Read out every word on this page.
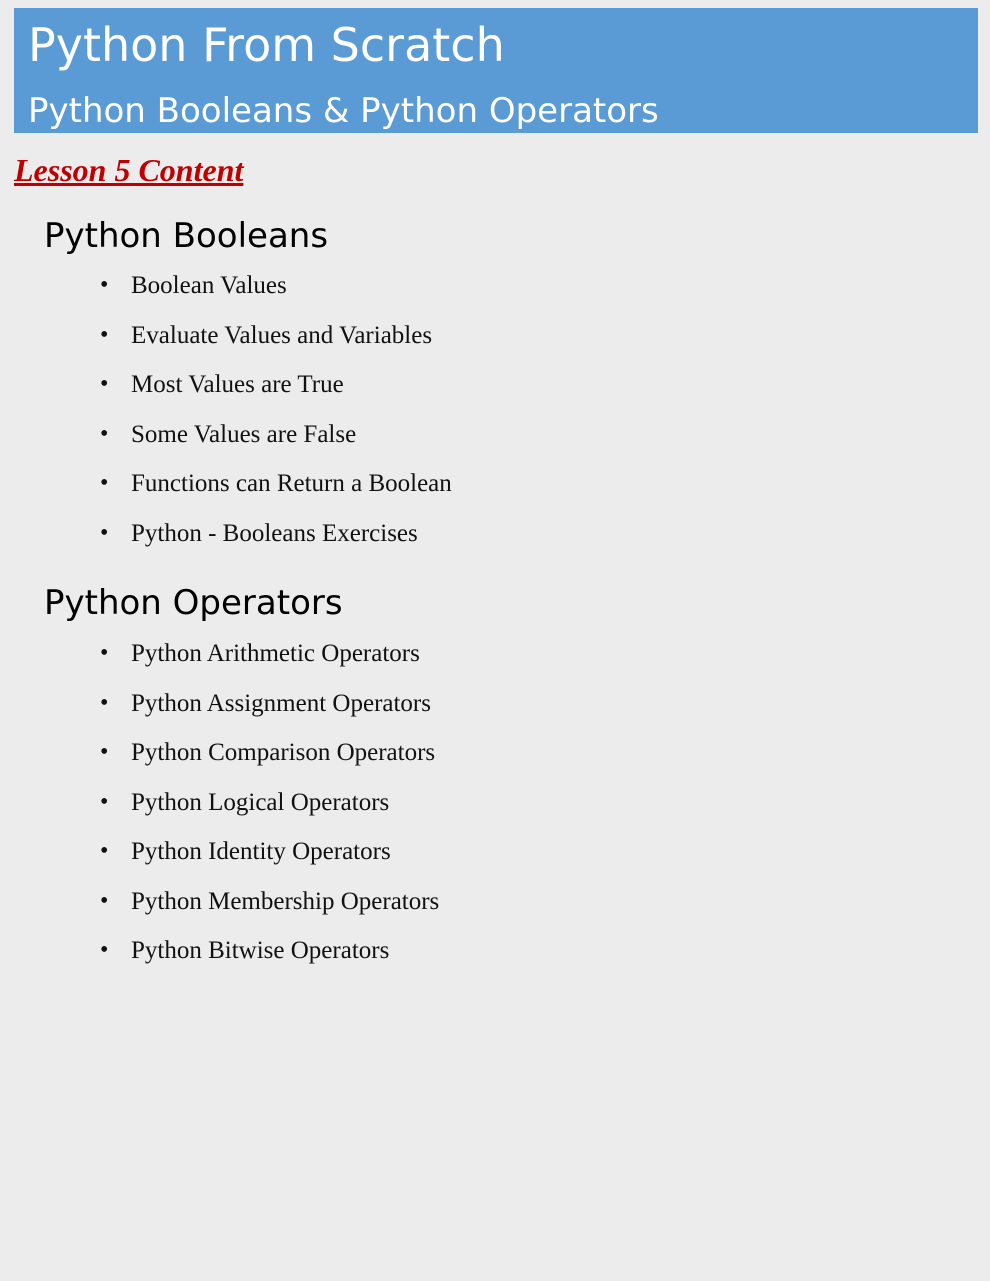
Python From Scratch
Python Booleans & Python Operators
Lesson 5 Content
Python Booleans
• Boolean Values
• Evaluate Values and Variables
• Most Values are True
• Some Values are False
• Functions can Return a Boolean
• Python - Booleans Exercises
Python Operators
• Python Arithmetic Operators
• Python Assignment Operators
• Python Comparison Operators
• Python Logical Operators
• Python Identity Operators
• Python Membership Operators
• Python Bitwise Operators
